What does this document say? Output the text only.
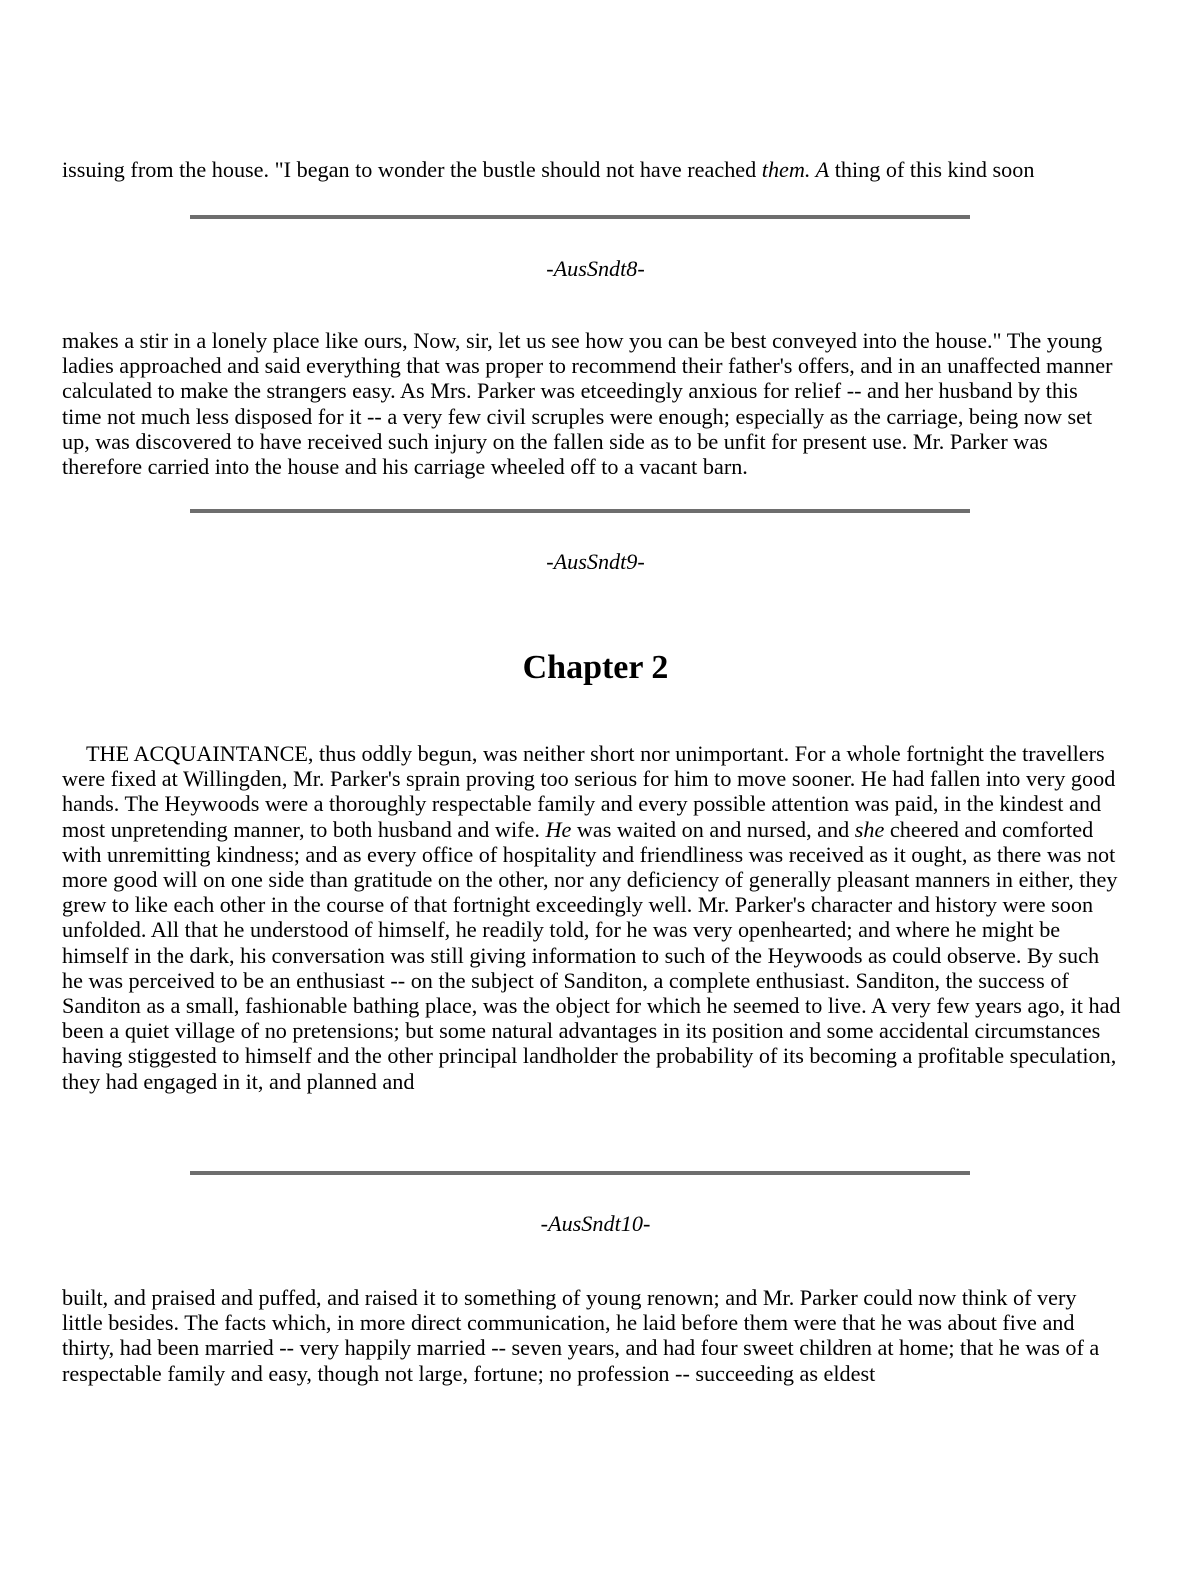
issuing from the house. "I began to wonder the bustle should not have reached them. A thing of this kind soon

-AusSndt8-

makes a stir in a lonely place like ours, Now, sir, let us see how you can be best conveyed into the house." The young ladies approached and said everything that was proper to recommend their father's offers, and in an unaffected manner calculated to make the strangers easy. As Mrs. Parker was etceedingly anxious for relief -- and her husband by this time not much less disposed for it -- a very few civil scruples were enough; especially as the carriage, being now set up, was discovered to have received such injury on the fallen side as to be unfit for present use. Mr. Parker was therefore carried into the house and his carriage wheeled off to a vacant barn.

-AusSndt9-
Chapter 2

THE ACQUAINTANCE, thus oddly begun, was neither short nor unimportant. For a whole fortnight the travellers were fixed at Willingden, Mr. Parker's sprain proving too serious for him to move sooner. He had fallen into very good hands. The Heywoods were a thoroughly respectable family and every possible attention was paid, in the kindest and most unpretending manner, to both husband and wife. He was waited on and nursed, and she cheered and comforted with unremitting kindness; and as every office of hospitality and friendliness was received as it ought, as there was not more good will on one side than gratitude on the other, nor any deficiency of generally pleasant manners in either, they grew to like each other in the course of that fortnight exceedingly well. Mr. Parker's character and history were soon unfolded. All that he understood of himself, he readily told, for he was very openhearted; and where he might be himself in the dark, his conversation was still giving information to such of the Heywoods as could observe. By such he was perceived to be an enthusiast -- on the subject of Sanditon, a complete enthusiast. Sanditon, the success of Sanditon as a small, fashionable bathing place, was the object for which he seemed to live. A very few years ago, it had been a quiet village of no pretensions; but some natural advantages in its position and some accidental circumstances having stiggested to himself and the other principal landholder the probability of its becoming a profitable speculation, they had engaged in it, and planned and

-AusSndt10-

built, and praised and puffed, and raised it to something of young renown; and Mr. Parker could now think of very little besides. The facts which, in more direct communication, he laid before them were that he was about five and thirty, had been married -- very happily married -- seven years, and had four sweet children at home; that he was of a respectable family and easy, though not large, fortune; no profession -- succeeding as eldest
